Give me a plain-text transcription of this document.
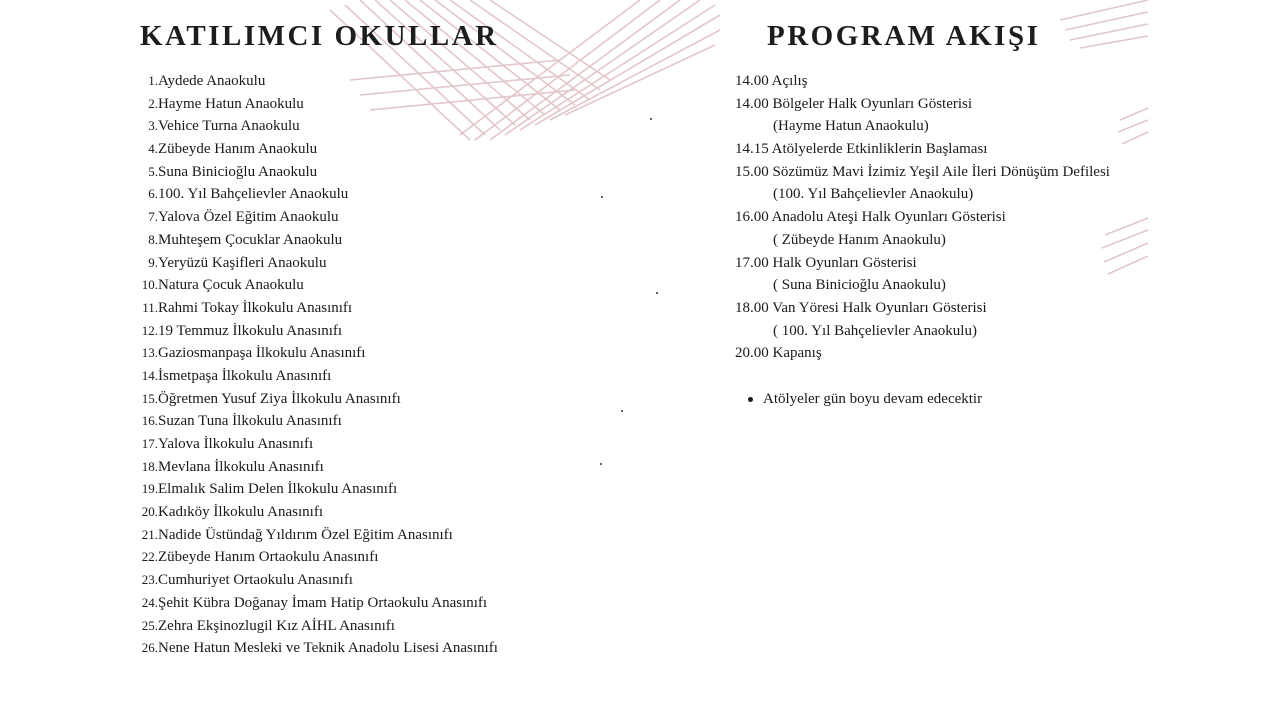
KATILIMCI OKULLAR	PROGRAM AKIŞI
1. Aydede Anaokulu
2. Hayme Hatun Anaokulu
3. Vehice Turna Anaokulu
4. Zübeyde Hanım Anaokulu
5. Suna Binicioğlu Anaokulu
6. 100. Yıl Bahçelievler Anaokulu
7. Yalova Özel Eğitim Anaokulu
8. Muhteşem Çocuklar Anaokulu
9. Yeryüzü Kaşifleri Anaokulu
10. Natura Çocuk Anaokulu
11. Rahmi Tokay İlkokulu Anasınıfı
12. 19 Temmuz İlkokulu Anasınıfı
13. Gaziosmanpaşa İlkokulu Anasınıfı
14. İsmetpaşa İlkokulu Anasınıfı
15. Öğretmen Yusuf Ziya İlkokulu Anasınıfı
16. Suzan Tuna İlkokulu Anasınıfı
17. Yalova İlkokulu Anasınıfı
18. Mevlana İlkokulu Anasınıfı
19. Elmalık Salim Delen İlkokulu Anasınıfı
20. Kadıköy İlkokulu Anasınıfı
21. Nadide Üstündağ Yıldırım Özel Eğitim Anasınıfı
22. Zübeyde Hanım Ortaokulu Anasınıfı
23. Cumhuriyet Ortaokulu Anasınıfı
24. Şehit Kübra Doğanay İmam Hatip Ortaokulu Anasınıfı
25. Zehra Ekşinozlugil Kız AİHL Anasınıfı
26. Nene Hatun Mesleki ve Teknik Anadolu Lisesi Anasınıfı
14.00 Açılış
14.00 Bölgeler Halk Oyunları Gösterisi
(Hayme Hatun Anaokulu)
14.15 Atölyelerde Etkinliklerin Başlaması
15.00 Sözümüz Mavi İzimiz Yeşil Aile İleri Dönüşüm Defilesi
(100. Yıl Bahçelievler Anaokulu)
16.00 Anadolu Ateşi Halk Oyunları Gösterisi
( Zübeyde Hanım Anaokulu)
17.00 Halk Oyunları Gösterisi
( Suna Binicioğlu Anaokulu)
18.00 Van Yöresi Halk Oyunları Gösterisi
( 100. Yıl Bahçelievler Anaokulu)
20.00 Kapanış
Atölyeler gün boyu devam edecektir
